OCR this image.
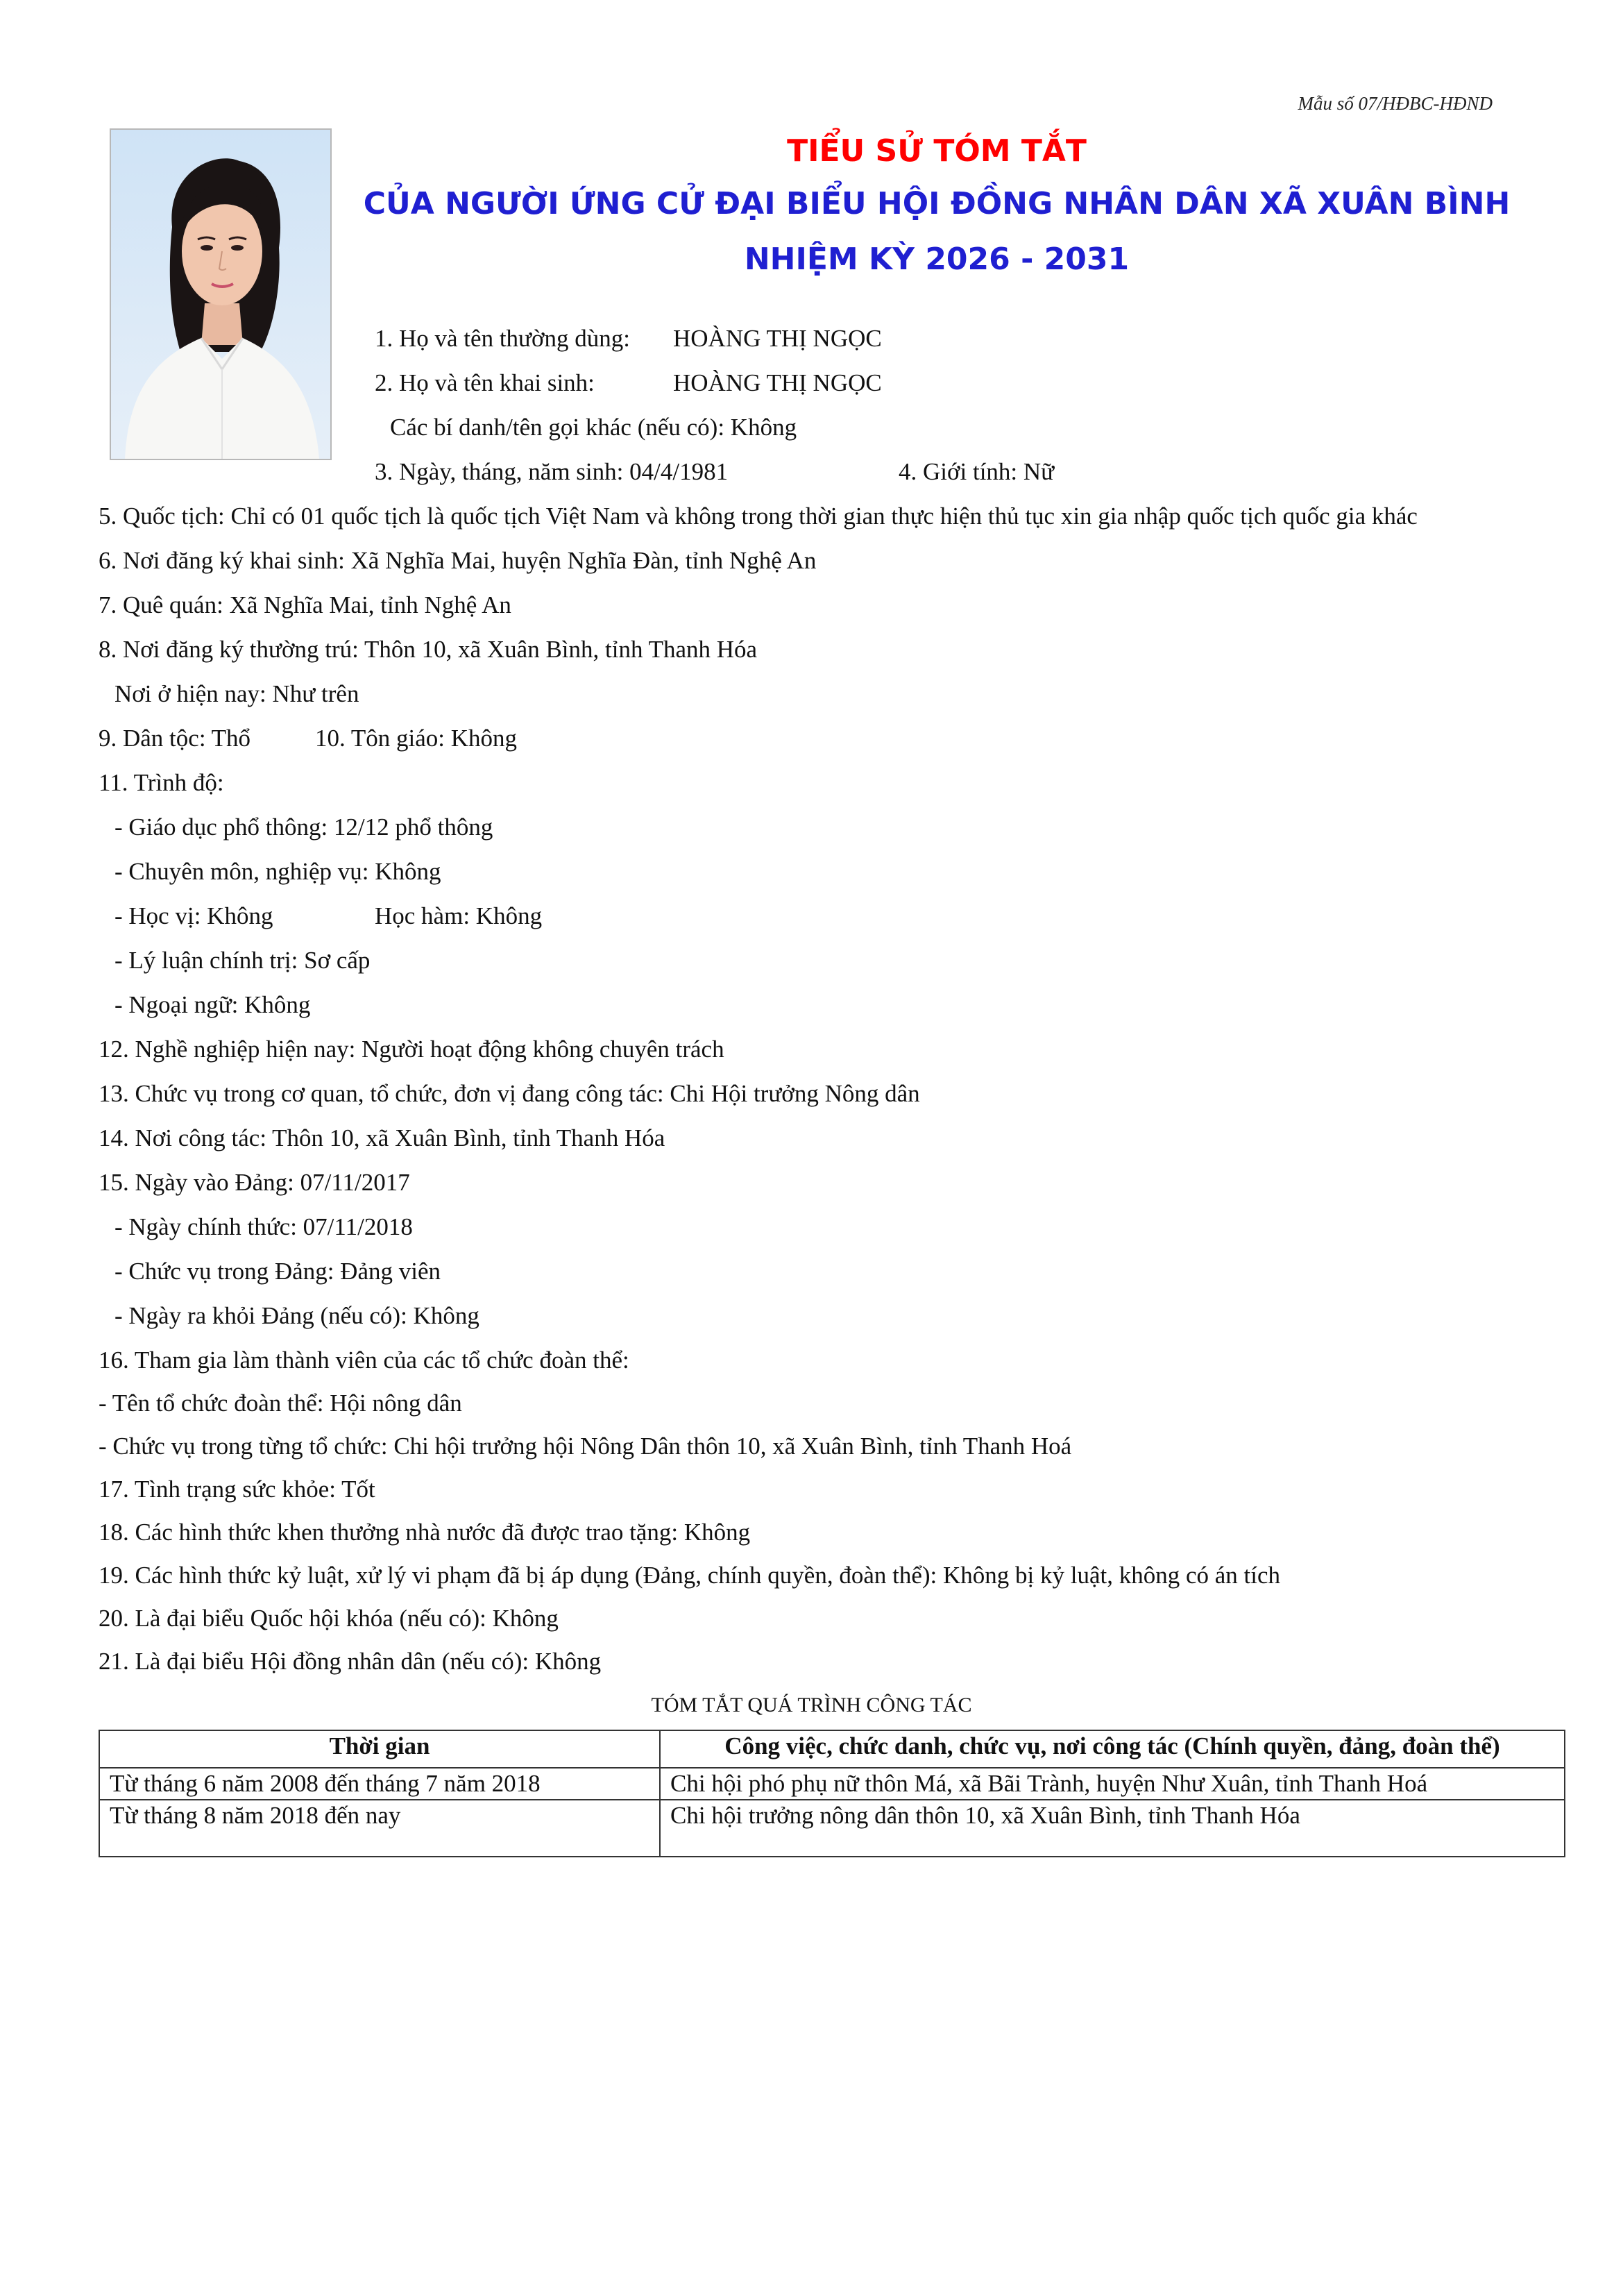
Mẫu số 07/HĐBC-HĐND
TIỂU SỬ TÓM TẮT
CỦA NGƯỜI ỨNG CỬ ĐẠI BIỂU HỘI ĐỒNG NHÂN DÂN XÃ XUÂN BÌNH
NHIỆM KỲ 2026 - 2031
1. Họ và tên thường dùng: HOÀNG THỊ NGỌC
2. Họ và tên khai sinh:	HOÀNG THỊ NGỌC
Các bí danh/tên gọi khác (nếu có): Không
3. Ngày, tháng, năm sinh: 04/4/1981	4. Giới tính: Nữ
5. Quốc tịch: Chỉ có 01 quốc tịch là quốc tịch Việt Nam và không trong thời gian thực hiện thủ tục xin gia nhập quốc tịch quốc gia khác
6. Nơi đăng ký khai sinh: Xã Nghĩa Mai, huyện Nghĩa Đàn, tỉnh Nghệ An
7. Quê quán: Xã Nghĩa Mai, tỉnh Nghệ An
8. Nơi đăng ký thường trú: Thôn 10, xã Xuân Bình, tỉnh Thanh Hóa
Nơi ở hiện nay: Như trên
9. Dân tộc: Thổ	10. Tôn giáo: Không
11. Trình độ:
- Giáo dục phổ thông: 12/12 phổ thông
- Chuyên môn, nghiệp vụ: Không
- Học vị: Không	Học hàm: Không
- Lý luận chính trị: Sơ cấp
- Ngoại ngữ: Không
12. Nghề nghiệp hiện nay: Người hoạt động không chuyên trách
13. Chức vụ trong cơ quan, tổ chức, đơn vị đang công tác: Chi Hội trưởng Nông dân
14. Nơi công tác: Thôn 10, xã Xuân Bình, tỉnh Thanh Hóa
15. Ngày vào Đảng: 07/11/2017
- Ngày chính thức: 07/11/2018
- Chức vụ trong Đảng: Đảng viên
- Ngày ra khỏi Đảng (nếu có): Không
16. Tham gia làm thành viên của các tổ chức đoàn thể:
- Tên tổ chức đoàn thể: Hội nông dân
- Chức vụ trong từng tổ chức: Chi hội trưởng hội Nông Dân thôn 10, xã Xuân Bình, tỉnh Thanh Hoá
17. Tình trạng sức khỏe: Tốt
18. Các hình thức khen thưởng nhà nước đã được trao tặng: Không
19. Các hình thức kỷ luật, xử lý vi phạm đã bị áp dụng (Đảng, chính quyền, đoàn thể): Không bị kỷ luật, không có án tích
20. Là đại biểu Quốc hội khóa (nếu có): Không
21. Là đại biểu Hội đồng nhân dân (nếu có): Không
TÓM TẮT QUÁ TRÌNH CÔNG TÁC
Thời gian	Công việc, chức danh, chức vụ, nơi công tác (Chính quyền, đảng, đoàn thể)
Từ tháng 6 năm 2008 đến tháng 7 năm 2018	Chi hội phó phụ nữ thôn Má, xã Bãi Trành, huyện Như Xuân, tỉnh Thanh Hoá
Từ tháng 8 năm 2018 đến nay	Chi hội trưởng nông dân thôn 10, xã Xuân Bình, tỉnh Thanh Hóa
